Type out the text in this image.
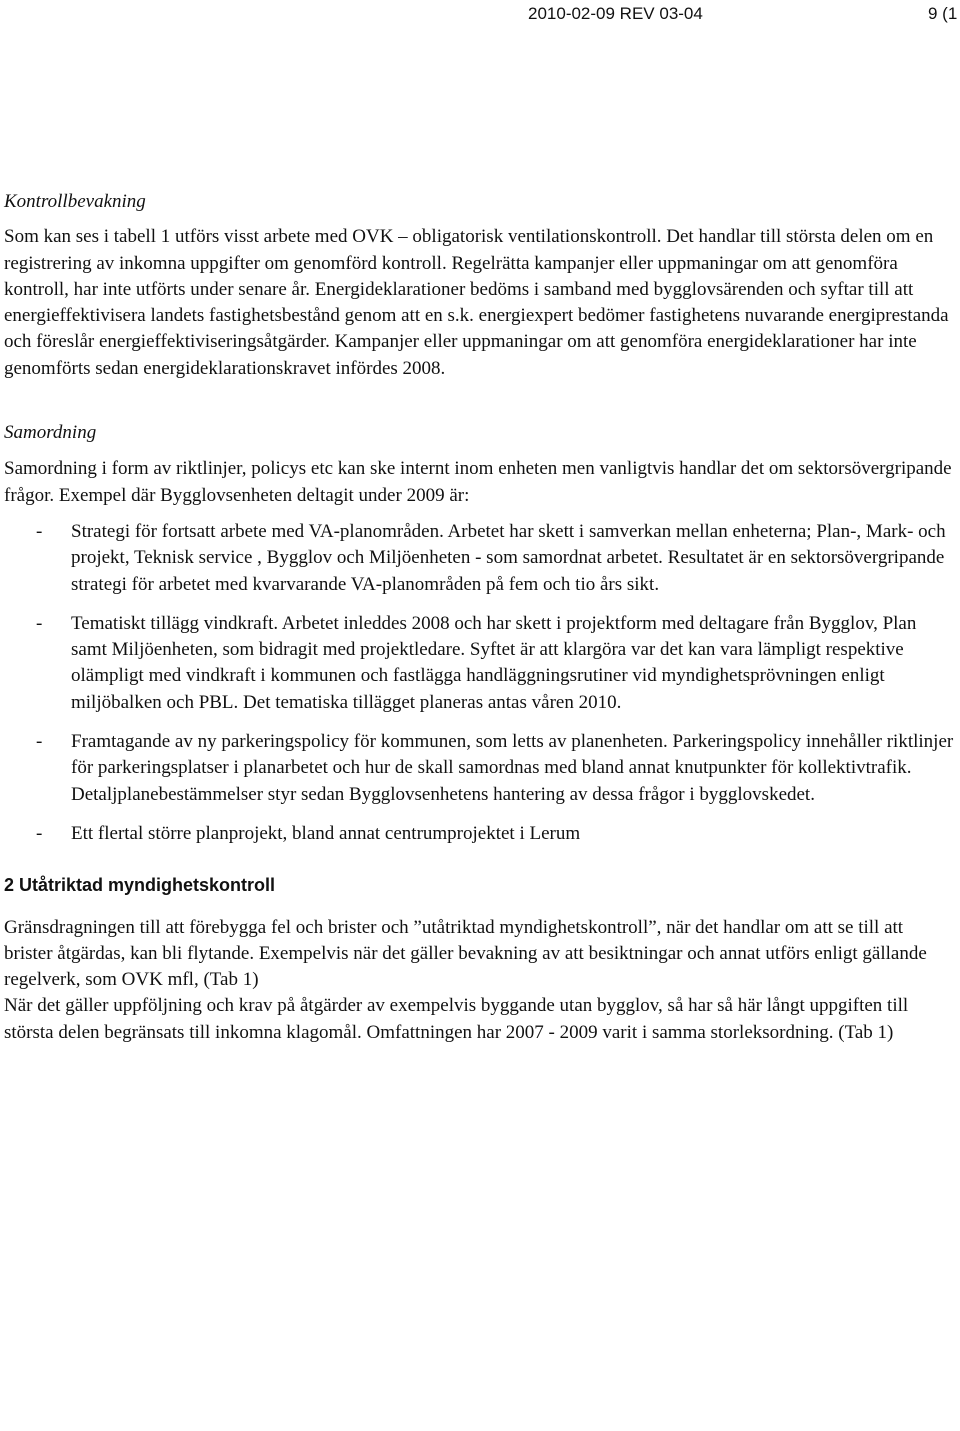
2010-02-09 REV 03-04	9 (1
Kontrollbevakning

Som kan ses i tabell 1 utförs visst arbete med OVK – obligatorisk ventilationskontroll. Det handlar till största delen om en registrering av inkomna uppgifter om genomförd kontroll. Regelrätta kampanjer eller uppmaningar om att genomföra kontroll, har inte utförts under senare år. Energideklarationer bedöms i samband med bygglovsärenden och syftar till att energieffektivisera landets fastighetsbestånd genom att en s.k. energiexpert bedömer fastighetens nuvarande energiprestanda och föreslår energieffektiviseringsåtgärder. Kampanjer eller uppmaningar om att genomföra energideklarationer har inte genomförts sedan energideklarationskravet infördes 2008.

Samordning

Samordning i form av riktlinjer, policys etc kan ske internt inom enheten men vanligtvis handlar det om sektorsövergripande frågor. Exempel där Bygglovsenheten deltagit under 2009 är:

- Strategi för fortsatt arbete med VA-planområden. Arbetet har skett i samverkan mellan enheterna; Plan-, Mark- och projekt, Teknisk service , Bygglov och Miljöenheten - som samordnat arbetet. Resultatet är en sektorsövergripande strategi för arbetet med kvarvarande VA-planområden på fem och tio års sikt.
- Tematiskt tillägg vindkraft. Arbetet inleddes 2008 och har skett i projektform med deltagare från Bygglov, Plan samt Miljöenheten, som bidragit med projektledare. Syftet är att klargöra var det kan vara lämpligt respektive olämpligt med vindkraft i kommunen och fastlägga handläggningsrutiner vid myndighetsprövningen enligt miljöbalken och PBL. Det tematiska tillägget planeras antas våren 2010.
- Framtagande av ny parkeringspolicy för kommunen, som letts av planenheten. Parkeringspolicy innehåller riktlinjer för parkeringsplatser i planarbetet och hur de skall samordnas med bland annat knutpunkter för kollektivtrafik. Detaljplanebestämmelser styr sedan Bygglovsenhetens hantering av dessa frågor i bygglovskedet.
- Ett flertal större planprojekt, bland annat centrumprojektet i Lerum
2 Utåtriktad myndighetskontroll

Gränsdragningen till att förebygga fel och brister och ”utåtriktad myndighetskontroll”, när det handlar om att se till att brister åtgärdas, kan bli flytande. Exempelvis när det gäller bevakning av att besiktningar och annat utförs enligt gällande regelverk, som OVK mfl, (Tab 1)

När det gäller uppföljning och krav på åtgärder av exempelvis byggande utan bygglov, så har så här långt uppgiften till största delen begränsats till inkomna klagomål. Omfattningen har 2007 - 2009 varit i samma storleksordning. (Tab 1)
